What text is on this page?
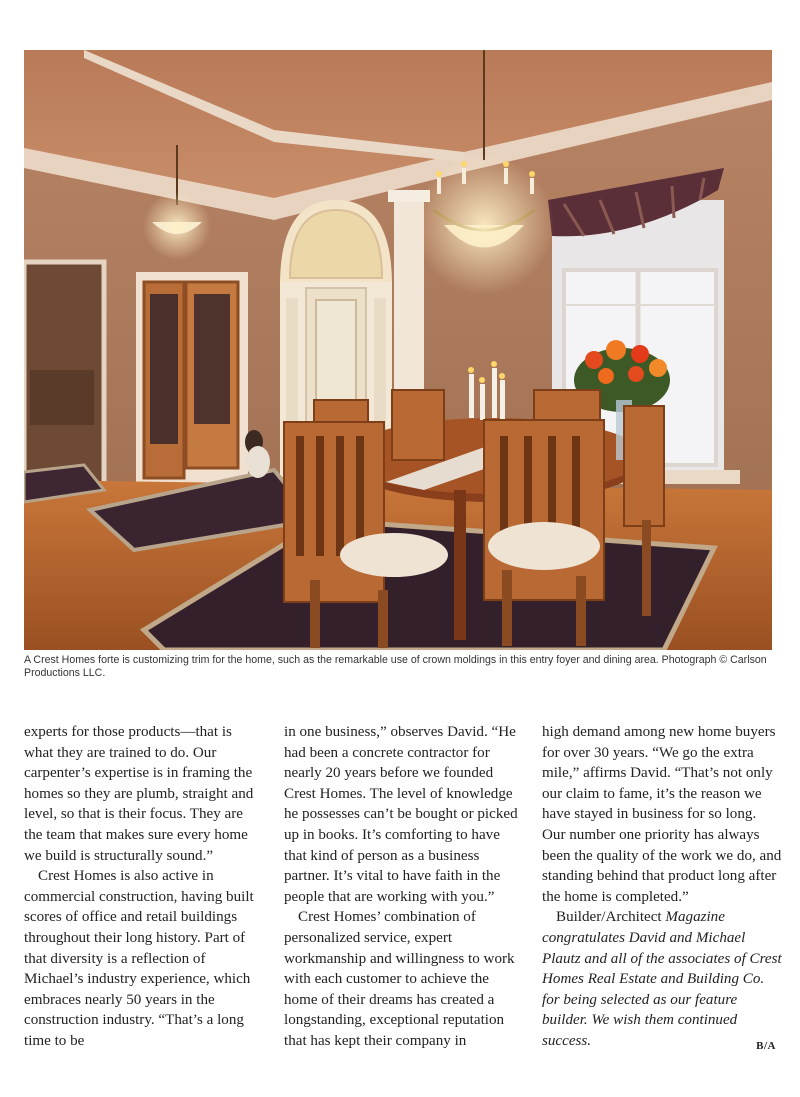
A Crest Homes forte is customizing trim for the home, such as the remarkable use of crown moldings in this entry foyer and dining area. Photograph © Carlson Productions LLC.

experts for those products—that is what they are trained to do. Our carpenter’s expertise is in framing the homes so they are plumb, straight and level, so that is their focus. They are the team that makes sure every home we build is structurally sound.”

Crest Homes is also active in commercial construction, having built scores of office and retail buildings throughout their long history. Part of that diversity is a reflection of Michael’s industry experience, which embraces nearly 50 years in the construction industry. “That’s a long time to be

in one business,” observes David. “He had been a concrete contractor for nearly 20 years before we founded Crest Homes. The level of knowledge he possesses can’t be bought or picked up in books. It’s comforting to have that kind of person as a business partner. It’s vital to have faith in the people that are working with you.”

Crest Homes’ combination of personalized service, expert workmanship and willingness to work with each customer to achieve the home of their dreams has created a longstanding, exceptional reputation that has kept their company in

high demand among new home buyers for over 30 years. “We go the extra mile,” affirms David. “That’s not only our claim to fame, it’s the reason we have stayed in business for so long. Our number one priority has always been the quality of the work we do, and standing behind that product long after the home is completed.”

Builder/Architect Magazine congratulates David and Michael Plautz and all of the associates of Crest Homes Real Estate and Building Co. for being selected as our feature builder. We wish them continued success.	B/A
